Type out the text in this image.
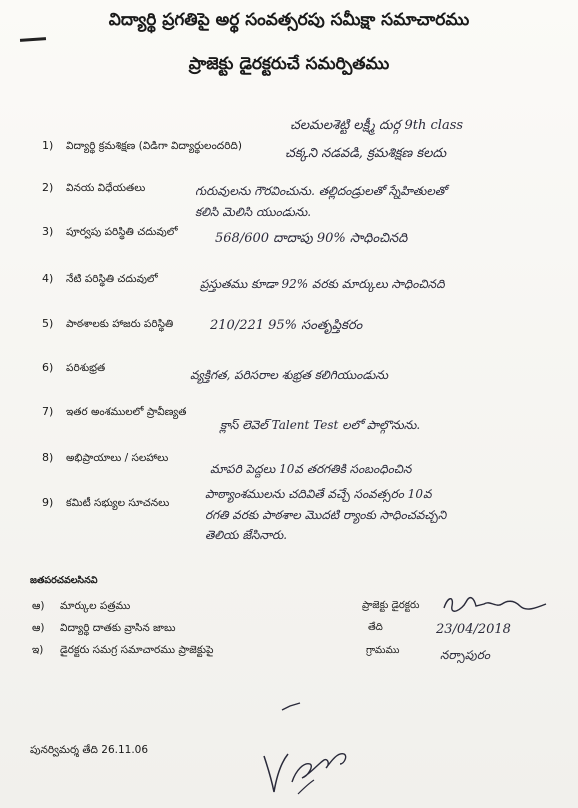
విద్యార్థి ప్రగతిపై అర్థ సంవత్సరపు సమీక్షా సమాచారము
ప్రాజెక్టు డైరక్టరుచే సమర్పితము
చలమలశెట్టి లక్ష్మీ దుర్గ 9th class
1) విద్యార్థి క్రమశిక్షణ (విడిగా విద్యార్థులందరిది)	చక్కని నడవడి, క్రమశిక్షణ కలదు
2) వినయ విధేయతలు	గురువులను గౌరవించును. తల్లిదండ్రులతో స్నేహితులతో
కలిసి మెలిసి యుండును.
3) పూర్వపు పరిస్థితి చదువులో	568/600 దాదాపు 90% సాధించినది
4) నేటి పరిస్థితి చదువులో	ప్రస్తుతము కూడా 92% వరకు మార్కులు సాధించినది
5) పాఠశాలకు హాజరు పరిస్థితి	210/221 95% సంతృప్తికరం
6) పరిశుభ్రత	వ్యక్తిగత, పరిసరాల శుభ్రత కలిగియుండును
7) ఇతర అంశములలో ప్రావీణ్యత
క్లాస్ లెవెల్ Talent Test లలో పాల్గొనును.
8) అభిప్రాయాలు / సలహాలు
మాపరి పెద్దలు 10వ తరగతికి సంబంధించిన
9) కమిటీ సభ్యుల సూచనలు
పాఠ్యాంశములను చదివితే వచ్చే సంవత్సరం 10వ
రగతి వరకు పాఠశాల మొదటి ర్యాంకు సాధించవచ్చని
తెలియ జేసినారు.
జతపరచవలసినవి
ఆ) మార్కుల పత్రము
ఆ) విద్యార్థి దాతకు వ్రాసిన జాబు
ఇ) డైరక్టరు సమగ్ర సమాచారము ప్రాజెక్టుపై
ప్రాజెక్టు డైరక్టరు
తేది	23/04/2018
గ్రామము	నర్సాపురం
పునర్విమర్శ తేది 26.11.06
